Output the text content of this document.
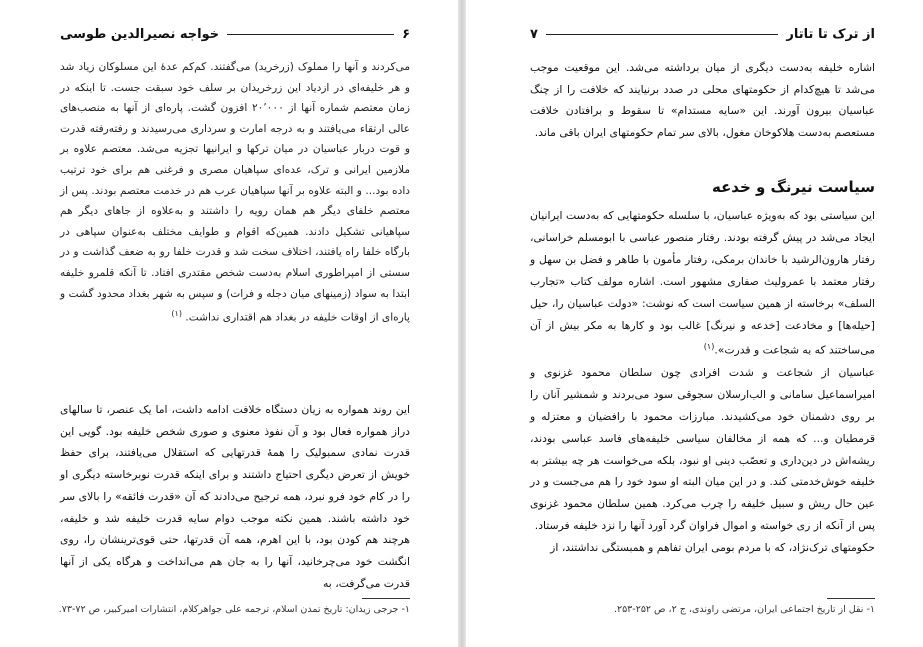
۶
خواجه نصیرالدین طوسی

می‌کردند و آنها را مملوک (زرخرید) می‌گفتند. کم‌کم عدهٔ این مسلوکان زیاد شد و هر خلیفه‌ای در ازدیاد این زرخریدان بر سلف خود سبقت جست. تا اینکه در زمان معتصم شماره آنها از ۲۰٬۰۰۰ افزون گشت. پاره‌ای از آنها به منصب‌های عالی ارتقاء می‌یافتند و به درجه امارت و سرداری می‌رسیدند و رفته‌رفته قدرت و قوت دربار عباسیان در میان ترکها و ایرانیها تجزیه می‌شد. معتصم علاوه بر ملازمین ایرانی و ترک، عده‌ای سپاهیان مصری و فرغنی هم برای خود ترتیب داده بود... و البته علاوه بر آنها سپاهیان عرب هم در خدمت معتصم بودند. پس از معتصم خلفای دیگر هم همان رویه را داشتند و به‌علاوه از جاهای دیگر هم سپاهیانی تشکیل دادند. همین‌که اقوام و طوایف مختلف به‌عنوان سپاهی در بارگاه خلفا راه یافتند، اختلاف سخت شد و قدرت خلفا رو به ضعف گذاشت و در سستی از امپراطوری اسلام به‌دست شخص مقتدری افتاد. تا آنکه قلمرو خلیفه ابتدا به سواد (زمینهای میان دجله و فرات) و سپس به شهر بغداد محدود گشت و پاره‌ای از اوقات خلیفه در بغداد هم اقتداری نداشت. $^{(۱)}$

این روند همواره به زیان دستگاه خلافت ادامه داشت، اما یک عنصر، تا سالهای دراز همواره فعال بود و آن نفوذ معنوی و صوری شخص خلیفه بود. گویی این قدرت نمادی سمبولیک را همهٔ قدرتهایی که استقلال می‌یافتند، برای حفظ خویش از تعرض دیگری احتیاج داشتند و برای اینکه قدرت نوبرخاسته دیگری او را در کام خود فرو نبرد، همه ترجیح می‌دادند که آن «قدرت فائقه» را بالای سر خود داشته باشند. همین نکته موجب دوام سایه قدرت خلیفه شد و خلیفه، هرچند هم کودن بود، با این اهرم، همه آن قدرتها، حتی قوی‌ترینشان را، روی انگشت خود می‌چرخانید، آنها را به جان هم می‌انداخت و هرگاه یکی از آنها قدرت می‌گرفت، به

۱- جرجی زیدان: تاریخ تمدن اسلام، ترجمه علی جواهرکلام، انتشارات امیرکبیر، ص ۷۲-۷۳.
از ترک تا تاتار
۷

اشاره خلیفه به‌دست دیگری از میان برداشته می‌شد. این موقعیت موجب می‌شد تا هیچ‌کدام از حکومتهای محلی در صدد برنیایند که خلافت را از چنگ عباسیان بیرون آورند. این «سایه مستدام» تا سقوط و برافتادن خلافت مستعصم به‌دست هلاکوخان مغول، بالای سر تمام حکومتهای ایران باقی ماند.

سیاست نیرنگ و خدعه

این سیاستی بود که به‌ویژه عباسیان، با سلسله حکومتهایی که به‌دست ایرانیان ایجاد می‌شد در پیش گرفته بودند. رفتار منصور عباسی با ابومسلم خراسانی، رفتار هارون‌الرشید با خاندان برمکی، رفتار مأمون با طاهر و فضل بن سهل و رفتار معتمد با عمرولیث صفاری مشهور است. اشاره مولف کتاب «تجارب السلف» برخاسته از همین سیاست است که نوشت: «دولت عباسیان را، حیل [حیله‌ها] و مخادعت [خدعه و نیرنگ] غالب بود و کارها به مکر بیش از آن می‌ساختند که به شجاعت و قدرت».$^{(۱)}$

عباسیان از شجاعت و شدت افرادی چون سلطان محمود غزنوی و امیراسماعیل سامانی و الب‌ارسلان سجوقی سود می‌بردند و شمشیر آنان را بر روی دشمنان خود می‌کشیدند. مبارزات محمود با رافضیان و معتزله و قرمطیان و... که همه از مخالفان سیاسی خلیفه‌های فاسد عباسی بودند، ریشه‌اش در دین‌داری و تعصّب دینی او نبود، بلکه می‌خواست هر چه بیشتر به خلیفه خوش‌خدمتی کند. و در این میان البته او سود خود را هم می‌جست و در عین حال ریش و سبیل خلیفه را چرب می‌کرد. همین سلطان محمود غزنوی پس از آنکه از ری خواسته و اموال فراوان گرد آورد آنها را نزد خلیفه فرستاد.

حکومتهای ترک‌نژاد، که با مردم بومی ایران تفاهم و همبستگی نداشتند، از

۱- نقل از تاریخ اجتماعی ایران، مرتضی راوندی، ج ۲، ص ۲۵۲-۲۵۳.
